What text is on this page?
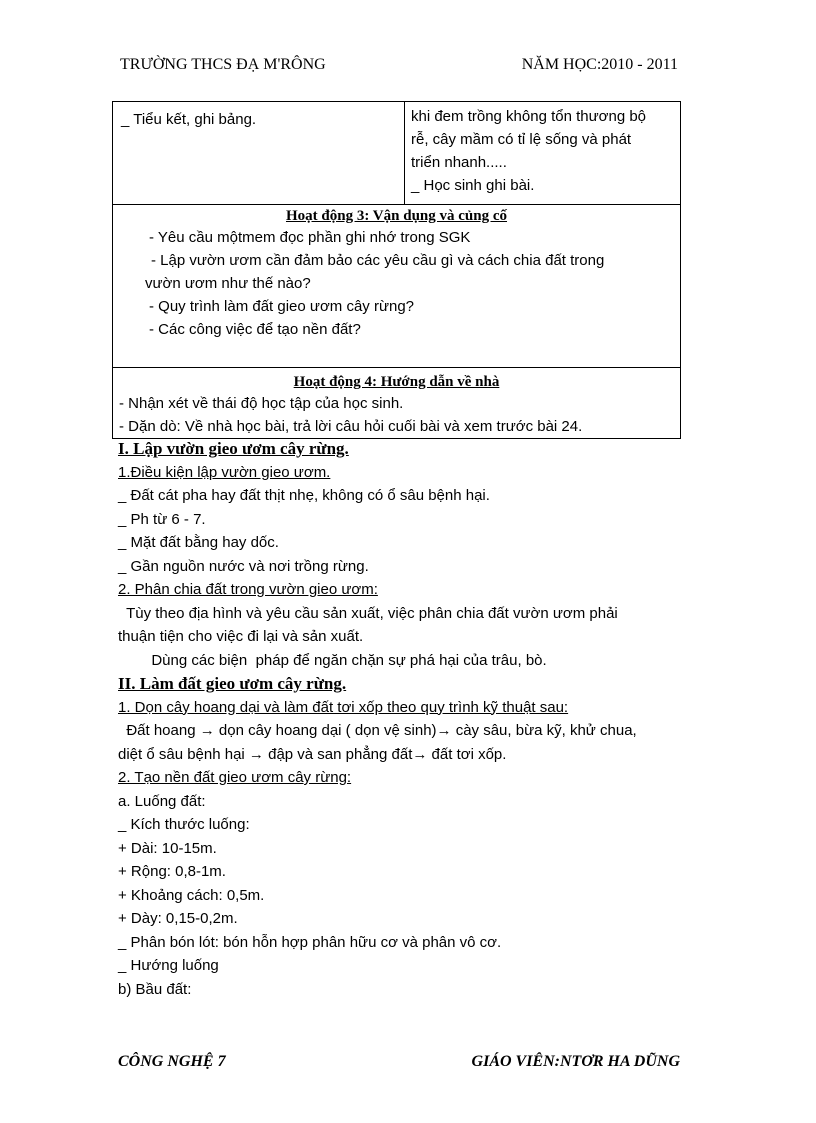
TRƯỜNG THCS ĐẠ M'RÔNG	NĂM HỌC:2010 - 2011

_ Tiểu kết, ghi bảng.	khi đem trồng không tổn thương bộ

rễ, cây mầm có tỉ lệ sống và phát

triển nhanh.....

_ Học sinh ghi bài.

Hoạt động 3: Vận dụng và củng cố

- Yêu cầu mộtmem đọc phần ghi nhớ trong SGK

- Lập vườn ươm cần đảm bảo các yêu cầu gì và cách chia đất trong

vườn ươm như thế nào?

- Quy trình làm đất gieo ươm cây rừng?

- Các công việc để tạo nền đất?

Hoạt động 4: Hướng dẫn về nhà

- Nhận xét về thái độ học tập của học sinh.

- Dặn dò: Về nhà học bài, trả lời câu hỏi cuối bài và xem trước bài 24.

I. Lập vườn gieo ươm cây rừng.

1.Điều kiện lập vườn gieo ươm.

_ Đất cát pha hay đất thịt nhẹ, không có ổ sâu bệnh hại.

_ Ph từ 6 - 7.

_ Mặt đất bằng hay dốc.

_ Gần nguồn nước và nơi trồng rừng.

2. Phân chia đất trong vườn gieo ươm:

Tùy theo địa hình và yêu cầu sản xuất, việc phân chia đất vườn ươm phải

thuận tiện cho việc đi lại và sản xuất.

Dùng các biện  pháp để ngăn chặn sự phá hại của trâu, bò.

II. Làm đất gieo ươm cây rừng.

1. Dọn cây hoang dại và làm đất tơi xốp theo quy trình kỹ thuật sau:

Đất hoang → dọn cây hoang dại ( dọn vệ sinh)→ cày sâu, bừa kỹ, khử chua,

diệt ổ sâu bệnh hại → đập và san phẳng đất→ đất tơi xốp.

2. Tạo nền đất gieo ươm cây rừng:

a. Luống đất:

_ Kích thước luống:

+ Dài: 10-15m.

+ Rộng: 0,8-1m.

+ Khoảng cách: 0,5m.

+ Dày: 0,15-0,2m.

_ Phân bón lót: bón hỗn hợp phân hữu cơ và phân vô cơ.

_ Hướng luống

b) Bầu đất:

CÔNG NGHỆ 7	GIÁO VIÊN:NTƠR HA DŨNG
